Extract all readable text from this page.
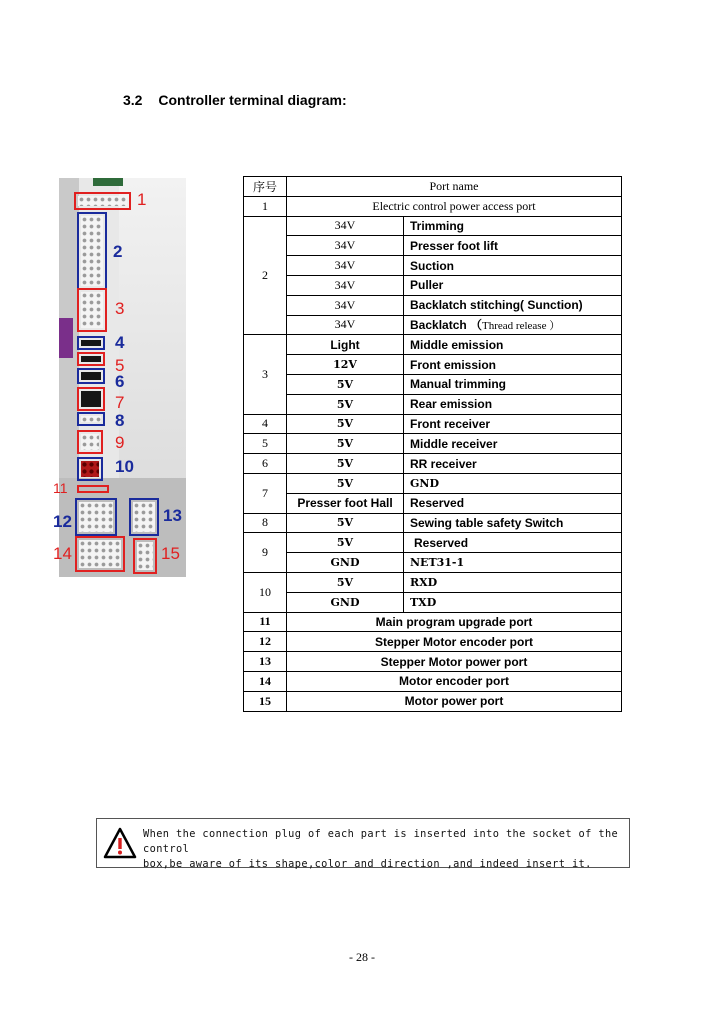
3.2 Controller terminal diagram:
1
2
3
4
5
6
7
8
9
10
11
12	13
14	15
序号	Port name	
1	Electric control power access port	
2	34V	Trimming
	34V	Presser foot lift
	34V	Suction
	34V	Puller
	34V	Backlatch stitching( Sunction)
	34V	Backlatch （Thread release ）
3	Light	Middle emission
	12V	Front emission
	5V	Manual trimming
	5V	Rear emission
4	5V	Front receiver
5	5V	Middle receiver
6	5V	RR receiver
7	5V	GND
	Presser foot Hall	Reserved
8	5V	Sewing table safety Switch
9	5V	Reserved
	GND	NET31-1
10	5V	RXD
	GND	TXD
11	Main program upgrade port	
12	Stepper Motor encoder port	
13	Stepper Motor power port	
14	Motor encoder port	
15	Motor power port	
When the connection plug of each part is inserted into the socket of the control
box,be aware of its shape,color and direction ,and indeed insert it.
- 28 -
